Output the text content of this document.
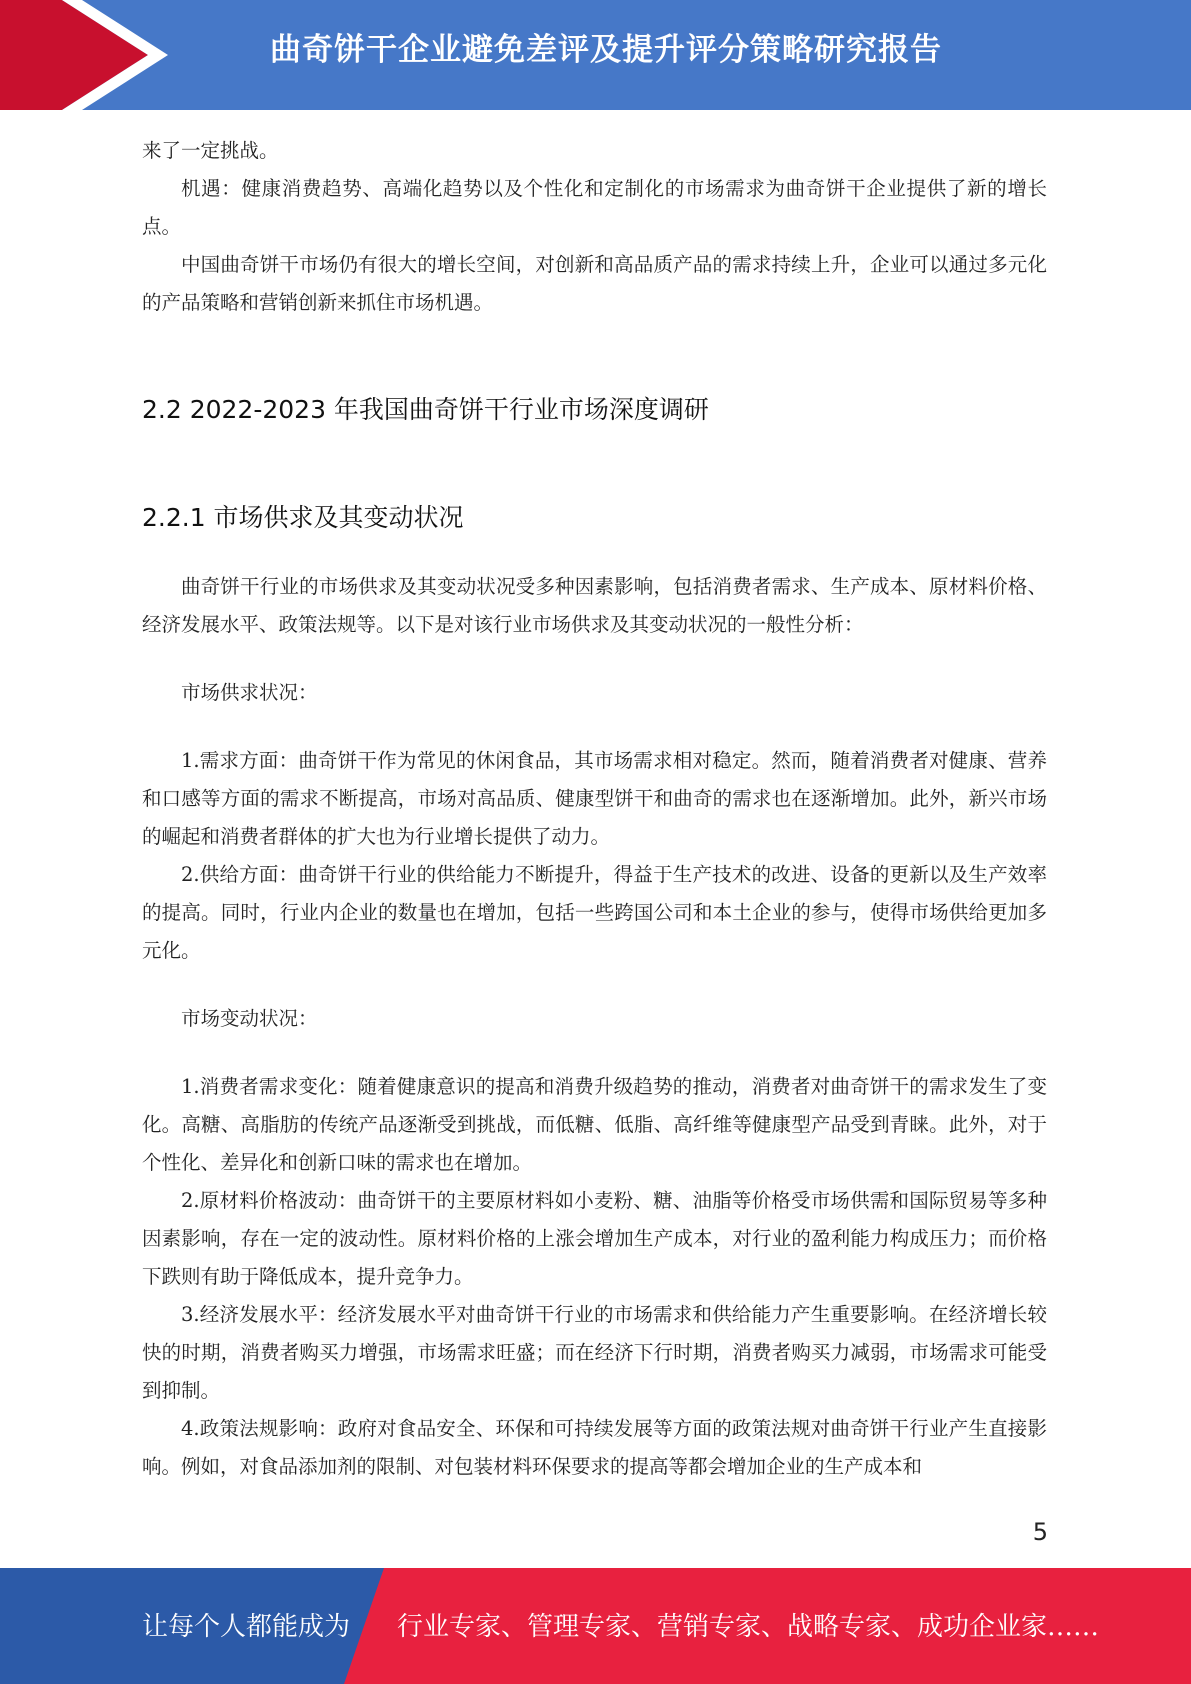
曲奇饼干企业避免差评及提升评分策略研究报告

来了一定挑战。

机遇：健康消费趋势、高端化趋势以及个性化和定制化的市场需求为曲奇饼干企业提供了新的增长点。

中国曲奇饼干市场仍有很大的增长空间，对创新和高品质产品的需求持续上升，企业可以通过多元化的产品策略和营销创新来抓住市场机遇。

2.2 2022-2023 年我国曲奇饼干行业市场深度调研
2.2.1 市场供求及其变动状况

曲奇饼干行业的市场供求及其变动状况受多种因素影响，包括消费者需求、生产成本、原材料价格、经济发展水平、政策法规等。以下是对该行业市场供求及其变动状况的一般性分析：

市场供求状况：

1.需求方面：曲奇饼干作为常见的休闲食品，其市场需求相对稳定。然而，随着消费者对健康、营养和口感等方面的需求不断提高，市场对高品质、健康型饼干和曲奇的需求也在逐渐增加。此外，新兴市场的崛起和消费者群体的扩大也为行业增长提供了动力。

2.供给方面：曲奇饼干行业的供给能力不断提升，得益于生产技术的改进、设备的更新以及生产效率的提高。同时，行业内企业的数量也在增加，包括一些跨国公司和本土企业的参与，使得市场供给更加多元化。

市场变动状况：

1.消费者需求变化：随着健康意识的提高和消费升级趋势的推动，消费者对曲奇饼干的需求发生了变化。高糖、高脂肪的传统产品逐渐受到挑战，而低糖、低脂、高纤维等健康型产品受到青睐。此外，对于个性化、差异化和创新口味的需求也在增加。

2.原材料价格波动：曲奇饼干的主要原材料如小麦粉、糖、油脂等价格受市场供需和国际贸易等多种因素影响，存在一定的波动性。原材料价格的上涨会增加生产成本，对行业的盈利能力构成压力；而价格下跌则有助于降低成本，提升竞争力。

3.经济发展水平：经济发展水平对曲奇饼干行业的市场需求和供给能力产生重要影响。在经济增长较快的时期，消费者购买力增强，市场需求旺盛；而在经济下行时期，消费者购买力减弱，市场需求可能受到抑制。

4.政策法规影响：政府对食品安全、环保和可持续发展等方面的政策法规对曲奇饼干行业产生直接影响。例如，对食品添加剂的限制、对包装材料环保要求的提高等都会增加企业的生产成本和

5
让每个人都能成为 行业专家、管理专家、营销专家、战略专家、成功企业家……
